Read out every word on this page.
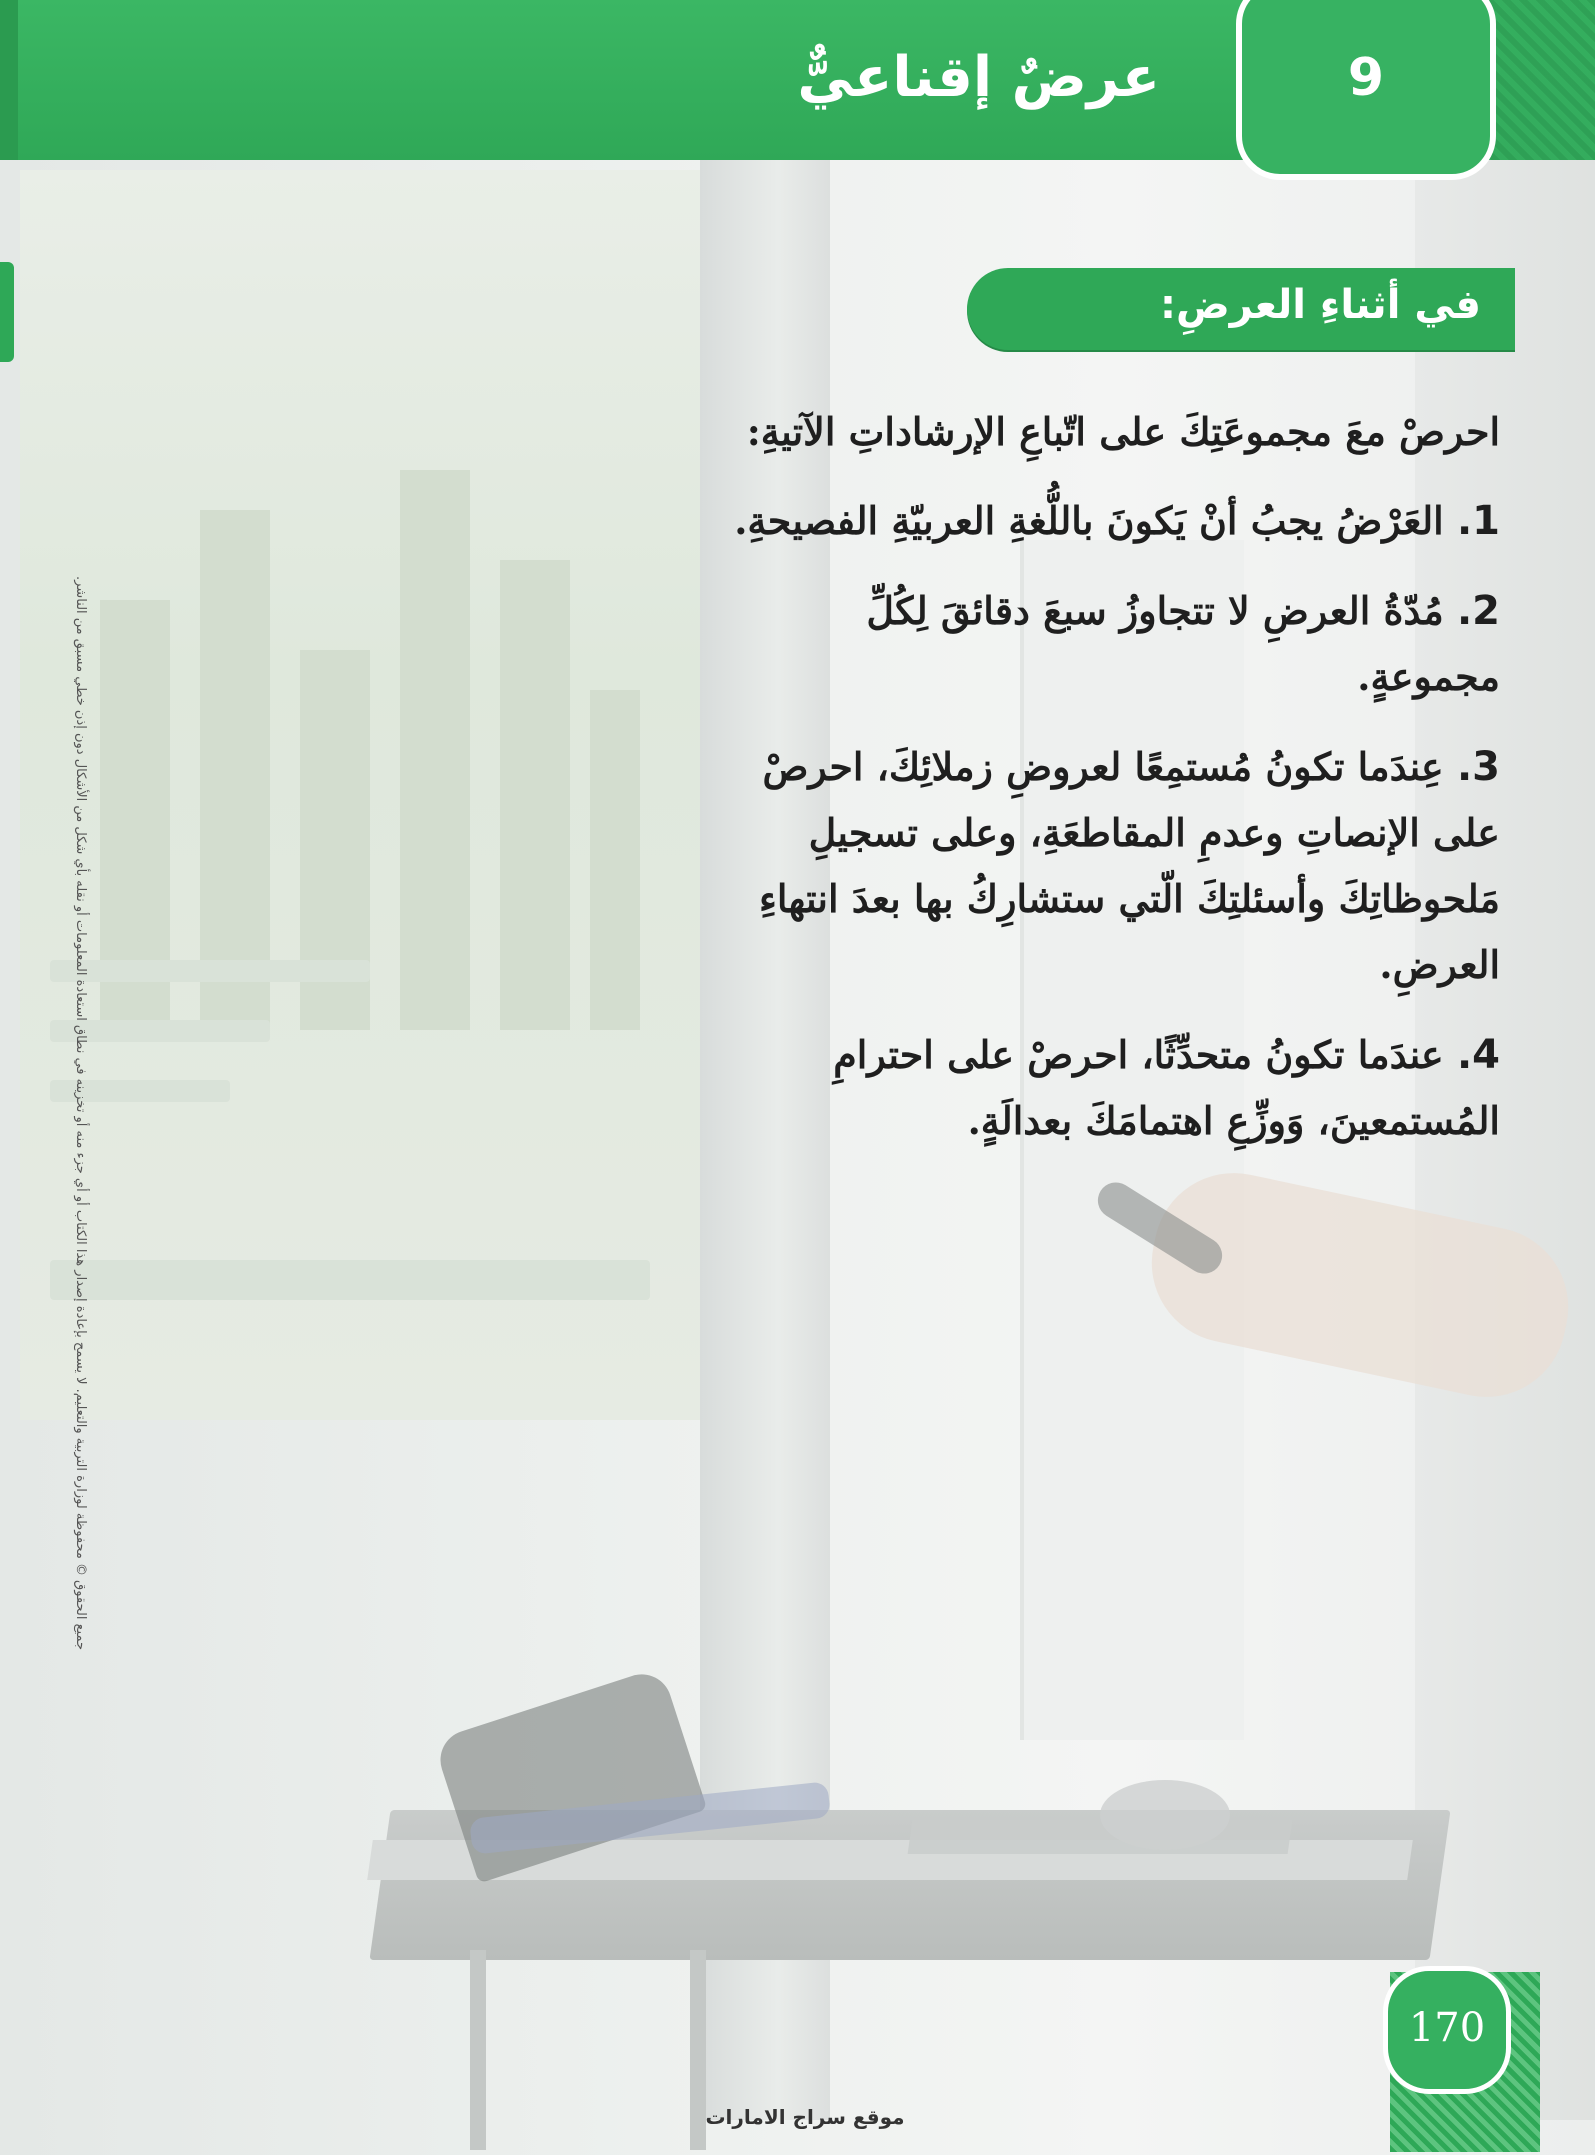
عرضٌ إقناعيٌّ	9
في أثناءِ العرضِ:

احرصْ معَ مجموعَتِكَ على اتّباعِ الإرشاداتِ الآتيةِ:

1. العَرْضُ يجبُ أنْ يَكونَ باللُّغةِ العربيّةِ الفصيحةِ.

2. مُدّةُ العرضِ لا تتجاوزُ سبعَ دقائقَ لِكُلِّ مجموعةٍ.

3. عِندَما تكونُ مُستمِعًا لعروضِ زملائِكَ، احرصْ على الإنصاتِ وعدمِ المقاطعَةِ، وعلى تسجيلِ مَلحوظاتِكَ وأسئلتِكَ الّتي ستشارِكُ بها بعدَ انتهاءِ العرضِ.

4. عندَما تكونُ متحدِّثًا، احرصْ على احترامِ المُستمعينَ، وَوزِّعِ اهتمامَكَ بعدالَةٍ.

جميع الحقوق © محفوظة لوزارة التربية والتعليم. لا يسمح بإعادة إصدار هذا الكتاب أو أي جزء منه أو تخزينه في نطاق استعادة المعلومات أو نقله بأي شكل من الأشكال دون إذن خطي مسبق من الناشر.
170
موقع سراج الامارات
